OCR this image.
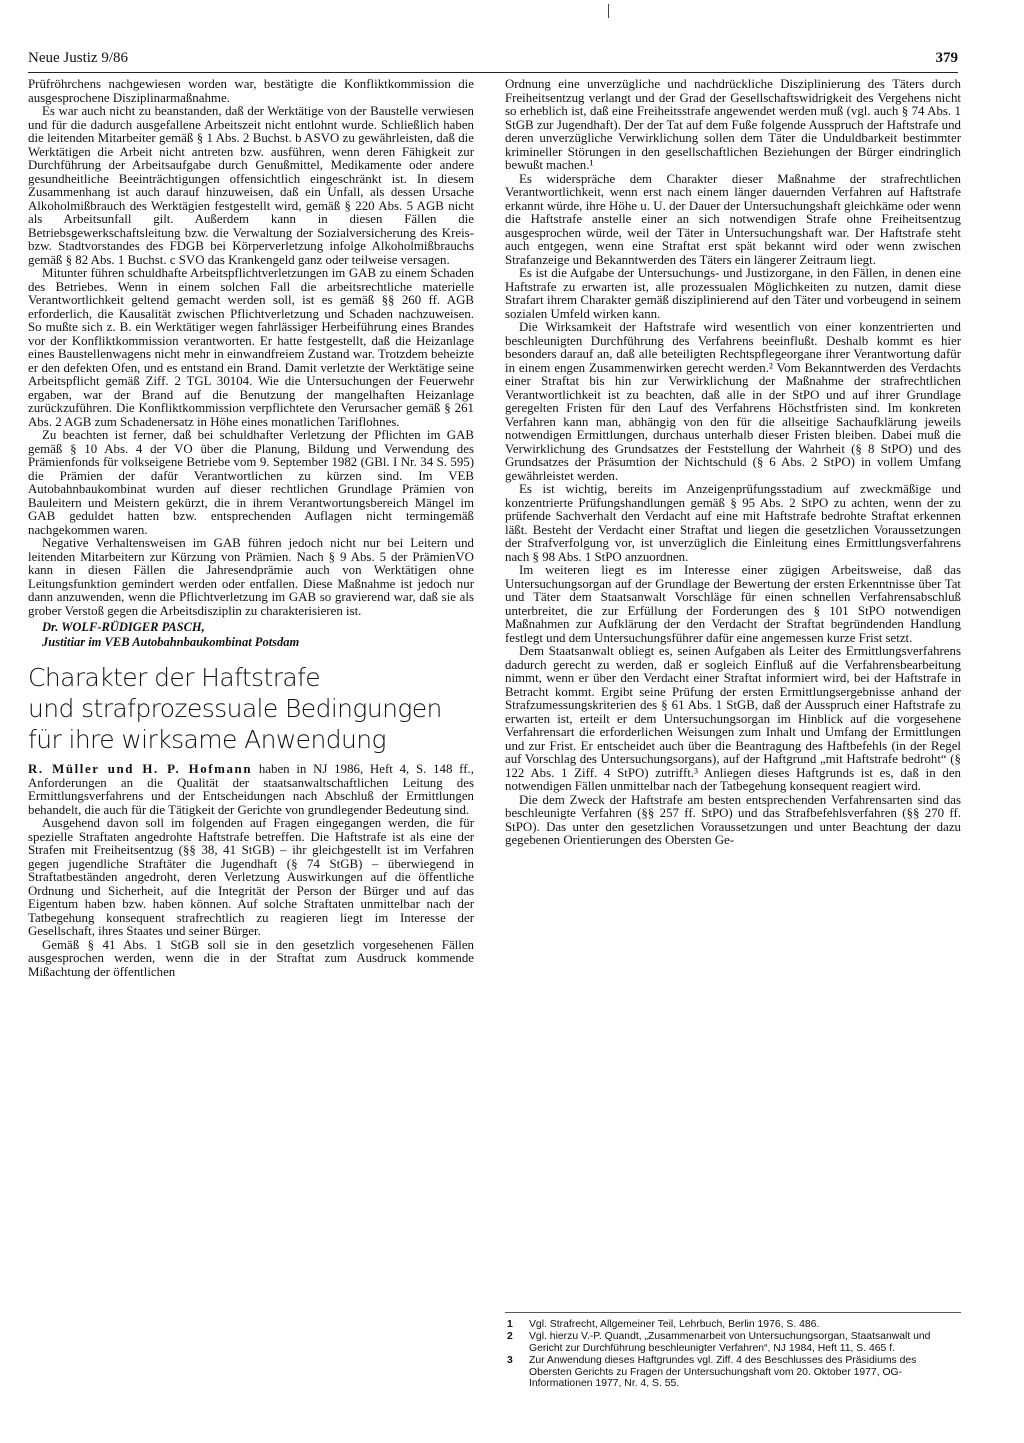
Neue Justiz 9/86	379

Prüfröhrchens nachgewiesen worden war, bestätigte die Konfliktkommission die ausgesprochene Disziplinarmaßnahme.

Es war auch nicht zu beanstanden, daß der Werktätige von der Baustelle verwiesen und für die dadurch ausgefallene Arbeitszeit nicht entlohnt wurde. Schließlich haben die leitenden Mitarbeiter gemäß § 1 Abs. 2 Buchst. b ASVO zu gewährleisten, daß die Werktätigen die Arbeit nicht antreten bzw. ausführen, wenn deren Fähigkeit zur Durchführung der Arbeitsaufgabe durch Genußmittel, Medikamente oder andere gesundheitliche Beeinträchtigungen offensichtlich eingeschränkt ist. In diesem Zusammenhang ist auch darauf hinzuweisen, daß ein Unfall, als dessen Ursache Alkoholmißbrauch des Werktägien festgestellt wird, gemäß § 220 Abs. 5 AGB nicht als Arbeitsunfall gilt. Außerdem kann in diesen Fällen die Betriebsgewerkschaftsleitung bzw. die Verwaltung der Sozialversicherung des Kreis- bzw. Stadtvorstandes des FDGB bei Körperverletzung infolge Alkoholmißbrauchs gemäß § 82 Abs. 1 Buchst. c SVO das Krankengeld ganz oder teilweise versagen.

Mitunter führen schuldhafte Arbeitspflichtverletzungen im GAB zu einem Schaden des Betriebes. Wenn in einem solchen Fall die arbeitsrechtliche materielle Verantwortlichkeit geltend gemacht werden soll, ist es gemäß §§ 260 ff. AGB erforderlich, die Kausalität zwischen Pflichtverletzung und Schaden nachzuweisen. So mußte sich z. B. ein Werktätiger wegen fahrlässiger Herbeiführung eines Brandes vor der Konfliktkommission verantworten. Er hatte festgestellt, daß die Heizanlage eines Baustellenwagens nicht mehr in einwandfreiem Zustand war. Trotzdem beheizte er den defekten Ofen, und es entstand ein Brand. Damit verletzte der Werktätige seine Arbeitspflicht gemäß Ziff. 2 TGL 30104. Wie die Untersuchungen der Feuerwehr ergaben, war der Brand auf die Benutzung der mangelhaften Heizanlage zurückzuführen. Die Konfliktkommission verpflichtete den Verursacher gemäß § 261 Abs. 2 AGB zum Schadenersatz in Höhe eines monatlichen Tariflohnes.

Zu beachten ist ferner, daß bei schuldhafter Verletzung der Pflichten im GAB gemäß § 10 Abs. 4 der VO über die Planung, Bildung und Verwendung des Prämienfonds für volkseigene Betriebe vom 9. September 1982 (GBl. I Nr. 34 S. 595) die Prämien der dafür Verantwortlichen zu kürzen sind. Im VEB Autobahnbaukombinat wurden auf dieser rechtlichen Grundlage Prämien von Bauleitern und Meistern gekürzt, die in ihrem Verantwortungsbereich Mängel im GAB geduldet hatten bzw. entsprechenden Auflagen nicht termingemäß nachgekommen waren.

Negative Verhaltensweisen im GAB führen jedoch nicht nur bei Leitern und leitenden Mitarbeitern zur Kürzung von Prämien. Nach § 9 Abs. 5 der PrämienVO kann in diesen Fällen die Jahresendprämie auch von Werktätigen ohne Leitungsfunktion gemindert werden oder entfallen. Diese Maßnahme ist jedoch nur dann anzuwenden, wenn die Pflichtverletzung im GAB so gravierend war, daß sie als grober Verstoß gegen die Arbeitsdisziplin zu charakterisieren ist.

Dr. WOLF-RÜDIGER PASCH,
Justitiar im VEB Autobahnbaukombinat Potsdam
Charakter der Haftstrafe
und strafprozessuale Bedingungen
für ihre wirksame Anwendung

R. Müller und H. P. Hofmann haben in NJ 1986, Heft 4, S. 148 ff., Anforderungen an die Qualität der staatsanwaltschaftlichen Leitung des Ermittlungsverfahrens und der Entscheidungen nach Abschluß der Ermittlungen behandelt, die auch für die Tätigkeit der Gerichte von grundlegender Bedeutung sind.

Ausgehend davon soll im folgenden auf Fragen eingegangen werden, die für spezielle Straftaten angedrohte Haftstrafe betreffen. Die Haftstrafe ist als eine der Strafen mit Freiheitsentzug (§§ 38, 41 StGB) – ihr gleichgestellt ist im Verfahren gegen jugendliche Straftäter die Jugendhaft (§ 74 StGB) – überwiegend in Straftatbeständen angedroht, deren Verletzung Auswirkungen auf die öffentliche Ordnung und Sicherheit, auf die Integrität der Person der Bürger und auf das Eigentum haben bzw. haben können. Auf solche Straftaten unmittelbar nach der Tatbegehung konsequent strafrechtlich zu reagieren liegt im Interesse der Gesellschaft, ihres Staates und seiner Bürger.

Gemäß § 41 Abs. 1 StGB soll sie in den gesetzlich vorgesehenen Fällen ausgesprochen werden, wenn die in der Straftat zum Ausdruck kommende Mißachtung der öffentlichen

Ordnung eine unverzügliche und nachdrückliche Disziplinierung des Täters durch Freiheitsentzug verlangt und der Grad der Gesellschaftswidrigkeit des Vergehens nicht so erheblich ist, daß eine Freiheitsstrafe angewendet werden muß (vgl. auch § 74 Abs. 1 StGB zur Jugendhaft). Der der Tat auf dem Fuße folgende Ausspruch der Haftstrafe und deren unverzügliche Verwirklichung sollen dem Täter die Unduldbarkeit bestimmter krimineller Störungen in den gesellschaftlichen Beziehungen der Bürger eindringlich bewußt machen.¹

Es widerspräche dem Charakter dieser Maßnahme der strafrechtlichen Verantwortlichkeit, wenn erst nach einem länger dauernden Verfahren auf Haftstrafe erkannt würde, ihre Höhe u. U. der Dauer der Untersuchungshaft gleichkäme oder wenn die Haftstrafe anstelle einer an sich notwendigen Strafe ohne Freiheitsentzug ausgesprochen würde, weil der Täter in Untersuchungshaft war. Der Haftstrafe steht auch entgegen, wenn eine Straftat erst spät bekannt wird oder wenn zwischen Strafanzeige und Bekanntwerden des Täters ein längerer Zeitraum liegt.

Es ist die Aufgabe der Untersuchungs- und Justizorgane, in den Fällen, in denen eine Haftstrafe zu erwarten ist, alle prozessualen Möglichkeiten zu nutzen, damit diese Strafart ihrem Charakter gemäß disziplinierend auf den Täter und vorbeugend in seinem sozialen Umfeld wirken kann.

Die Wirksamkeit der Haftstrafe wird wesentlich von einer konzentrierten und beschleunigten Durchführung des Verfahrens beeinflußt. Deshalb kommt es hier besonders darauf an, daß alle beteiligten Rechtspflegeorgane ihrer Verantwortung dafür in einem engen Zusammenwirken gerecht werden.² Vom Bekanntwerden des Verdachts einer Straftat bis hin zur Verwirklichung der Maßnahme der strafrechtlichen Verantwortlichkeit ist zu beachten, daß alle in der StPO und auf ihrer Grundlage geregelten Fristen für den Lauf des Verfahrens Höchstfristen sind. Im konkreten Verfahren kann man, abhängig von den für die allseitige Sachaufklärung jeweils notwendigen Ermittlungen, durchaus unterhalb dieser Fristen bleiben. Dabei muß die Verwirklichung des Grundsatzes der Feststellung der Wahrheit (§ 8 StPO) und des Grundsatzes der Präsumtion der Nichtschuld (§ 6 Abs. 2 StPO) in vollem Umfang gewährleistet werden.

Es ist wichtig, bereits im Anzeigenprüfungsstadium auf zweckmäßige und konzentrierte Prüfungshandlungen gemäß § 95 Abs. 2 StPO zu achten, wenn der zu prüfende Sachverhalt den Verdacht auf eine mit Haftstrafe bedrohte Straftat erkennen läßt. Besteht der Verdacht einer Straftat und liegen die gesetzlichen Voraussetzungen der Strafverfolgung vor, ist unverzüglich die Einleitung eines Ermittlungsverfahrens nach § 98 Abs. 1 StPO anzuordnen.

Im weiteren liegt es im Interesse einer zügigen Arbeitsweise, daß das Untersuchungsorgan auf der Grundlage der Bewertung der ersten Erkenntnisse über Tat und Täter dem Staatsanwalt Vorschläge für einen schnellen Verfahrensabschluß unterbreitet, die zur Erfüllung der Forderungen des § 101 StPO notwendigen Maßnahmen zur Aufklärung der den Verdacht der Straftat begründenden Handlung festlegt und dem Untersuchungsführer dafür eine angemessen kurze Frist setzt.

Dem Staatsanwalt obliegt es, seinen Aufgaben als Leiter des Ermittlungsverfahrens dadurch gerecht zu werden, daß er sogleich Einfluß auf die Verfahrensbearbeitung nimmt, wenn er über den Verdacht einer Straftat informiert wird, bei der Haftstrafe in Betracht kommt. Ergibt seine Prüfung der ersten Ermittlungsergebnisse anhand der Strafzumessungskriterien des § 61 Abs. 1 StGB, daß der Ausspruch einer Haftstrafe zu erwarten ist, erteilt er dem Untersuchungsorgan im Hinblick auf die vorgesehene Verfahrensart die erforderlichen Weisungen zum Inhalt und Umfang der Ermittlungen und zur Frist. Er entscheidet auch über die Beantragung des Haftbefehls (in der Regel auf Vorschlag des Untersuchungsorgans), auf der Haftgrund „mit Haftstrafe bedroht“ (§ 122 Abs. 1 Ziff. 4 StPO) zutrifft.³ Anliegen dieses Haftgrunds ist es, daß in den notwendigen Fällen unmittelbar nach der Tatbegehung konsequent reagiert wird.

Die dem Zweck der Haftstrafe am besten entsprechenden Verfahrensarten sind das beschleunigte Verfahren (§§ 257 ff. StPO) und das Strafbefehlsverfahren (§§ 270 ff. StPO). Das unter den gesetzlichen Voraussetzungen und unter Beachtung der dazu gegebenen Orientierungen des Obersten Ge-

1 Vgl. Strafrecht, Allgemeiner Teil, Lehrbuch, Berlin 1976, S. 486.
2 Vgl. hierzu V.-P. Quandt, „Zusammenarbeit von Untersuchungsorgan, Staatsanwalt und Gericht zur Durchführung beschleunigter Verfahren“, NJ 1984, Heft 11, S. 465 f.
3 Zur Anwendung dieses Haftgrundes vgl. Ziff. 4 des Beschlusses des Präsidiums des Obersten Gerichts zu Fragen der Untersuchungshaft vom 20. Oktober 1977, OG-Informationen 1977, Nr. 4, S. 55.
